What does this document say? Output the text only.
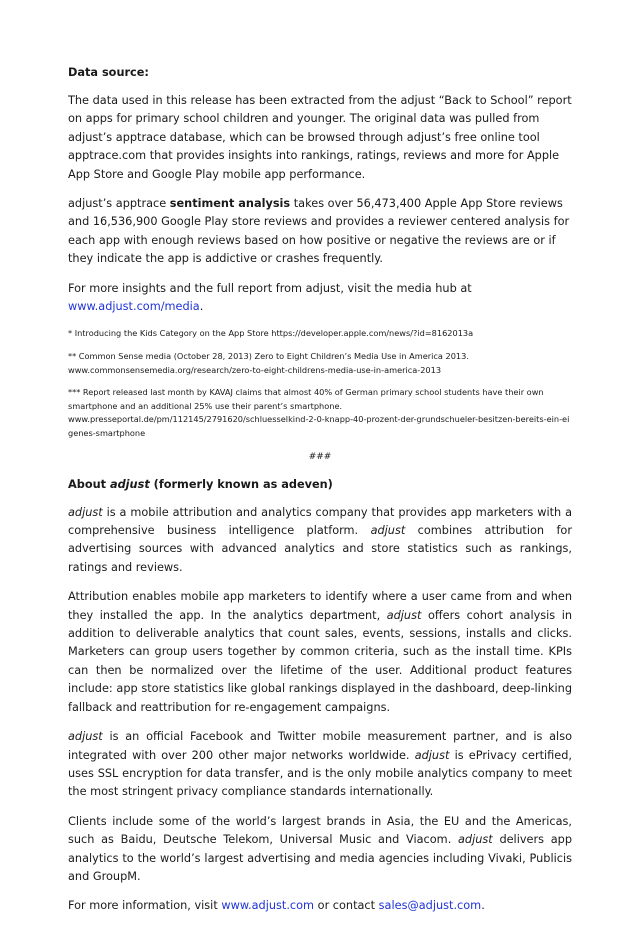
Data source:

The data used in this release has been extracted from the adjust “Back to School” report on apps for primary school children and younger. The original data was pulled from adjust’s apptrace database, which can be browsed through adjust’s free online tool apptrace.com that provides insights into rankings, ratings, reviews and more for Apple App Store and Google Play mobile app performance.

adjust’s apptrace sentiment analysis takes over 56,473,400 Apple App Store reviews and 16,536,900 Google Play store reviews and provides a reviewer centered analysis for each app with enough reviews based on how positive or negative the reviews are or if they indicate the app is addictive or crashes frequently.

For more insights and the full report from adjust, visit the media hub at
www.adjust.com/media.

* Introducing the Kids Category on the App Store https://developer.apple.com/news/?id=8162013a

** Common Sense media (October 28, 2013) Zero to Eight Children’s Media Use in America 2013.
www.commonsensemedia.org/research/zero-to-eight-childrens-media-use-in-america-2013

*** Report released last month by KAVAJ claims that almost 40% of German primary school students have their own smartphone and an additional 25% use their parent’s smartphone.
www.presseportal.de/pm/112145/2791620/schluesselkind-2-0-knapp-40-prozent-der-grundschueler-besitzen-bereits-ein-eigenes-smartphone

###

About adjust (formerly known as adeven)

adjust is a mobile attribution and analytics company that provides app marketers with a comprehensive business intelligence platform. adjust combines attribution for advertising sources with advanced analytics and store statistics such as rankings, ratings and reviews.

Attribution enables mobile app marketers to identify where a user came from and when they installed the app. In the analytics department, adjust offers cohort analysis in addition to deliverable analytics that count sales, events, sessions, installs and clicks. Marketers can group users together by common criteria, such as the install time. KPIs can then be normalized over the lifetime of the user. Additional product features include: app store statistics like global rankings displayed in the dashboard, deep-linking fallback and reattribution for re-engagement campaigns.

adjust is an official Facebook and Twitter mobile measurement partner, and is also integrated with over 200 other major networks worldwide. adjust is ePrivacy certified, uses SSL encryption for data transfer, and is the only mobile analytics company to meet the most stringent privacy compliance standards internationally.

Clients include some of the world’s largest brands in Asia, the EU and the Americas, such as Baidu, Deutsche Telekom, Universal Music and Viacom. adjust delivers app analytics to the world’s largest advertising and media agencies including Vivaki, Publicis and GroupM.

For more information, visit www.adjust.com or contact sales@adjust.com.
